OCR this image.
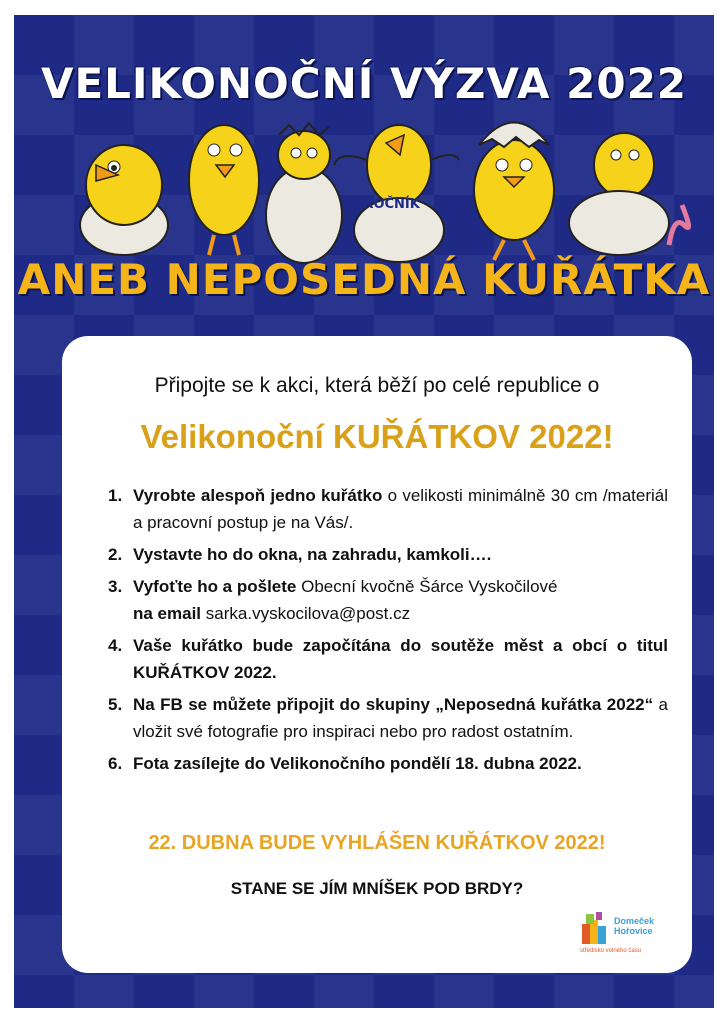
VELIKONOČNÍ VÝZVA 2022
III.ROČNÍK
ANEB NEPOSEDNÁ KUŘÁTKA
Připojte se k akci, která běží po celé republice o
Velikonoční KUŘÁTKOV 2022!
1. Vyrobte alespoň jedno kuřátko o velikosti minimálně 30 cm /materiál a pracovní postup je na Vás/.
2. Vystavte ho do okna, na zahradu, kamkoli….
3. Vyfoťte ho a pošlete Obecní kvočně Šárce Vyskočilové
na email sarka.vyskocilova@post.cz
4. Vaše kuřátko bude započítána do soutěže měst a obcí o titul KUŘÁTKOV 2022.
5. Na FB se můžete připojit do skupiny „Neposedná kuřátka 2022“ a vložit své fotografie pro inspiraci nebo pro radost ostatním.
6. Fota zasílejte do Velikonočního pondělí 18. dubna 2022.
22. DUBNA BUDE VYHLÁŠEN KUŘÁTKOV 2022!
STANE SE JÍM MNÍŠEK POD BRDY?
Domeček
Hořovice
středisko volného času
